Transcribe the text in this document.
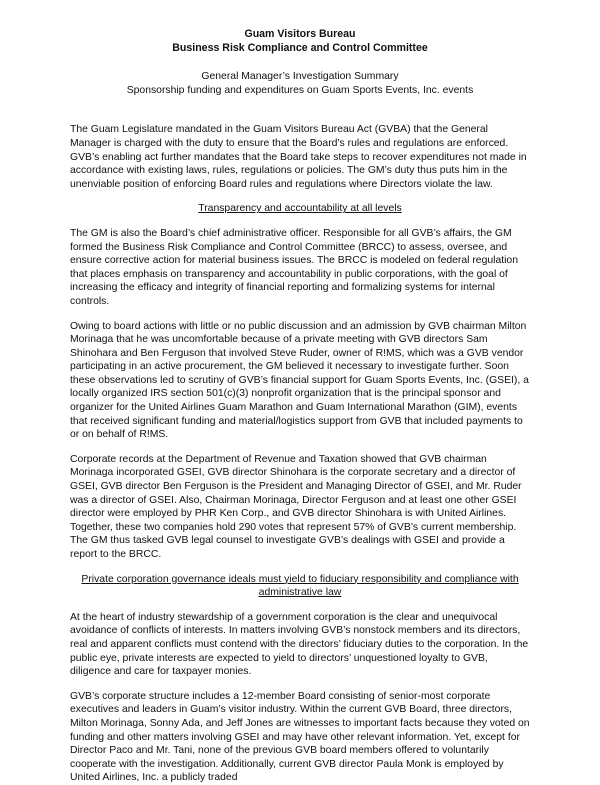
Guam Visitors Bureau
Business Risk Compliance and Control Committee
General Manager’s Investigation Summary
Sponsorship funding and expenditures on Guam Sports Events, Inc. events

The Guam Legislature mandated in the Guam Visitors Bureau Act (GVBA) that the General Manager is charged with the duty to ensure that the Board’s rules and regulations are enforced. GVB’s enabling act further mandates that the Board take steps to recover expenditures not made in accordance with existing laws, rules, regulations or policies. The GM’s duty thus puts him in the unenviable position of enforcing Board rules and regulations where Directors violate the law.

Transparency and accountability at all levels

The GM is also the Board’s chief administrative officer. Responsible for all GVB’s affairs, the GM formed the Business Risk Compliance and Control Committee (BRCC) to assess, oversee, and ensure corrective action for material business issues. The BRCC is modeled on federal regulation that places emphasis on transparency and accountability in public corporations, with the goal of increasing the efficacy and integrity of financial reporting and formalizing systems for internal controls.

Owing to board actions with little or no public discussion and an admission by GVB chairman Milton Morinaga that he was uncomfortable because of a private meeting with GVB directors Sam Shinohara and Ben Ferguson that involved Steve Ruder, owner of R!MS, which was a GVB vendor participating in an active procurement, the GM believed it necessary to investigate further. Soon these observations led to scrutiny of GVB’s financial support for Guam Sports Events, Inc. (GSEI), a locally organized IRS section 501(c)(3) nonprofit organization that is the principal sponsor and organizer for the United Airlines Guam Marathon and Guam International Marathon (GIM), events that received significant funding and material/logistics support from GVB that included payments to or on behalf of R!MS.

Corporate records at the Department of Revenue and Taxation showed that GVB chairman Morinaga incorporated GSEI, GVB director Shinohara is the corporate secretary and a director of GSEI, GVB director Ben Ferguson is the President and Managing Director of GSEI, and Mr. Ruder was a director of GSEI. Also, Chairman Morinaga, Director Ferguson and at least one other GSEI director were employed by PHR Ken Corp., and GVB director Shinohara is with United Airlines. Together, these two companies hold 290 votes that represent 57% of GVB’s current membership. The GM thus tasked GVB legal counsel to investigate GVB’s dealings with GSEI and provide a report to the BRCC.

Private corporation governance ideals must yield to fiduciary responsibility and compliance with administrative law

At the heart of industry stewardship of a government corporation is the clear and unequivocal avoidance of conflicts of interests. In matters involving GVB’s nonstock members and its directors, real and apparent conflicts must contend with the directors’ fiduciary duties to the corporation. In the public eye, private interests are expected to yield to directors’ unquestioned loyalty to GVB, diligence and care for taxpayer monies.

GVB’s corporate structure includes a 12-member Board consisting of senior-most corporate executives and leaders in Guam’s visitor industry. Within the current GVB Board, three directors, Milton Morinaga, Sonny Ada, and Jeff Jones are witnesses to important facts because they voted on funding and other matters involving GSEI and may have other relevant information. Yet, except for Director Paco and Mr. Tani, none of the previous GVB board members offered to voluntarily cooperate with the investigation. Additionally, current GVB director Paula Monk is employed by United Airlines, Inc. a publicly traded
